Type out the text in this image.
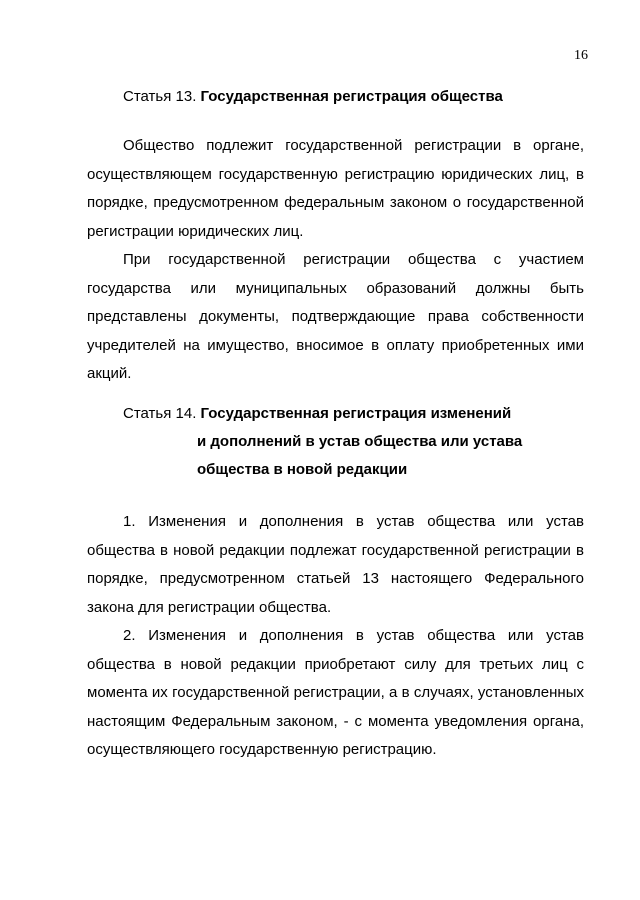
16
Статья 13. Государственная регистрация общества

Общество подлежит государственной регистрации в органе, осуществляющем государственную регистрацию юридических лиц, в порядке, предусмотренном федеральным законом о государственной регистрации юридических лиц.

При государственной регистрации общества с участием государства или муниципальных образований должны быть представлены документы, подтверждающие права собственности учредителей на имущество, вносимое в оплату приобретенных ими акций.

Статья 14. Государственная регистрация изменений
и дополнений в устав общества или устава
общества в новой редакции

1. Изменения и дополнения в устав общества или устав общества в новой редакции подлежат государственной регистрации в порядке, предусмотренном статьей 13 настоящего Федерального закона для регистрации общества.

2. Изменения и дополнения в устав общества или устав общества в новой редакции приобретают силу для третьих лиц с момента их государственной регистрации, а в случаях, установленных настоящим Федеральным законом, - с момента уведомления органа, осуществляющего государственную регистрацию.
